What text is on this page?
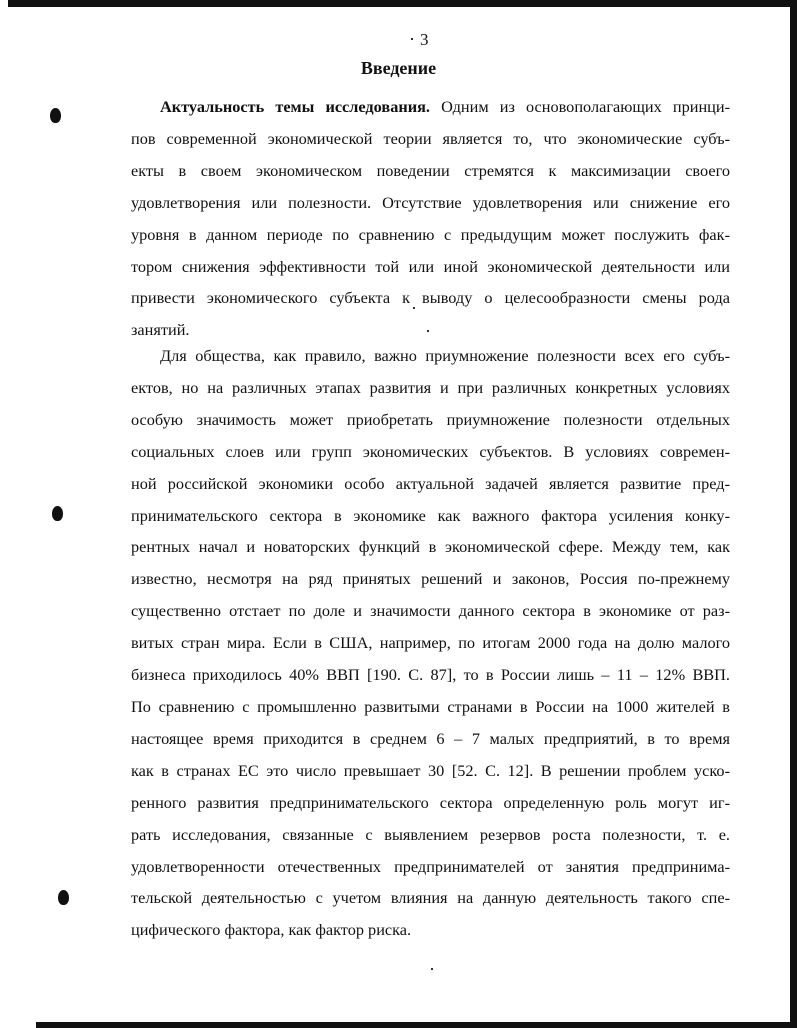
3
Введение
Актуальность темы исследования. Одним из основополагающих принци-
пов современной экономической теории является то, что экономические субъ-
екты в своем экономическом поведении стремятся к максимизации своего
удовлетворения или полезности. Отсутствие удовлетворения или снижение его
уровня в данном периоде по сравнению с предыдущим может послужить фак-
тором снижения эффективности той или иной экономической деятельности или
привести экономического субъекта к выводу о целесообразности смены рода
занятий.
Для общества, как правило, важно приумножение полезности всех его субъ-
ектов, но на различных этапах развития и при различных конкретных условиях
особую значимость может приобретать приумножение полезности отдельных
социальных слоев или групп экономических субъектов. В условиях современ-
ной российской экономики особо актуальной задачей является развитие пред-
принимательского сектора в экономике как важного фактора усиления конку-
рентных начал и новаторских функций в экономической сфере. Между тем, как
известно, несмотря на ряд принятых решений и законов, Россия по-прежнему
существенно отстает по доле и значимости данного сектора в экономике от раз-
витых стран мира. Если в США, например, по итогам 2000 года на долю малого
бизнеса приходилось 40% ВВП [190. С. 87], то в России лишь – 11 – 12% ВВП.
По сравнению с промышленно развитыми странами в России на 1000 жителей в
настоящее время приходится в среднем 6 – 7 малых предприятий, в то время
как в странах ЕС это число превышает 30 [52. С. 12]. В решении проблем уско-
ренного развития предпринимательского сектора определенную роль могут иг-
рать исследования, связанные с выявлением резервов роста полезности, т. е.
удовлетворенности отечественных предпринимателей от занятия предпринима-
тельской деятельностью с учетом влияния на данную деятельность такого спе-
цифического фактора, как фактор риска.
